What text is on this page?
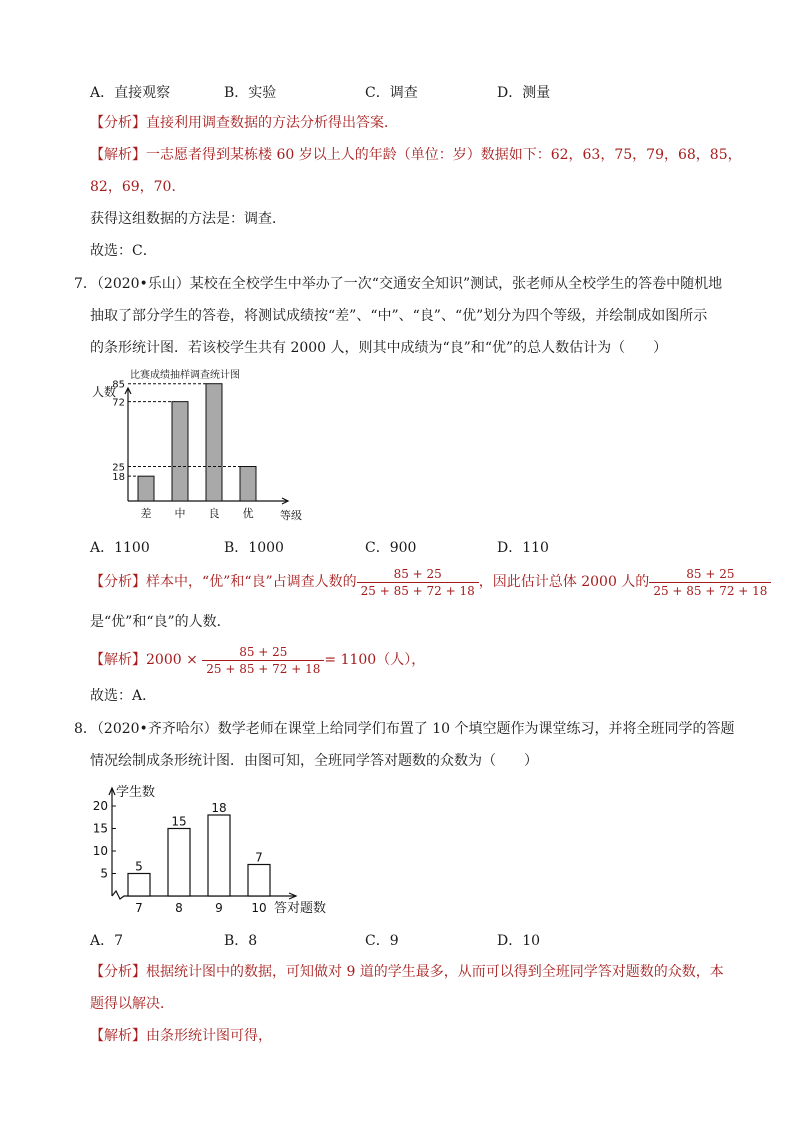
A．直接观察	B．实验	C．调查	D．测量
【分析】直接利用调查数据的方法分析得出答案．
【解析】一志愿者得到某栋楼 60 岁以上人的年龄（单位：岁）数据如下：62，63，75，79，68，85，
82，69，70．
获得这组数据的方法是：调查．
故选：C．
7．（2020•乐山）某校在全校学生中举办了一次“交通安全知识”测试，张老师从全校学生的答卷中随机地
抽取了部分学生的答卷，将测试成绩按“差”、“中”、“良”、“优”划分为四个等级，并绘制成如图所示
的条形统计图．若该校学生共有 2000 人，则其中成绩为“良”和“优”的总人数估计为（　　）
比赛成绩抽样调查统计图
人数
等级
18
差
72
中
85
良
25
优
A．1100	B．1000	C．900	D．110
【分析】样本中，“优”和“良”占调查人数的 $\frac{85 + 25}{25 + 85 + 72 + 18}$ ，因此估计总体 2000 人的 $\frac{85 + 25}{25 + 85 + 72 + 18}$
是“优”和“良”的人数．
【解析】$2000 \times \frac{85 + 25}{25 + 85 + 72 + 18} = 1100$（人），
故选：A．
8．（2020•齐齐哈尔）数学老师在课堂上给同学们布置了 10 个填空题作为课堂练习，并将全班同学的答题
情况绘制成条形统计图．由图可知，全班同学答对题数的众数为（　　）
学生数
答对题数
5
10
15
20
5
7
15
8
18
9
7
10
A．7	B．8	C．9	D．10
【分析】根据统计图中的数据，可知做对 9 道的学生最多，从而可以得到全班同学答对题数的众数，本
题得以解决．
【解析】由条形统计图可得，
